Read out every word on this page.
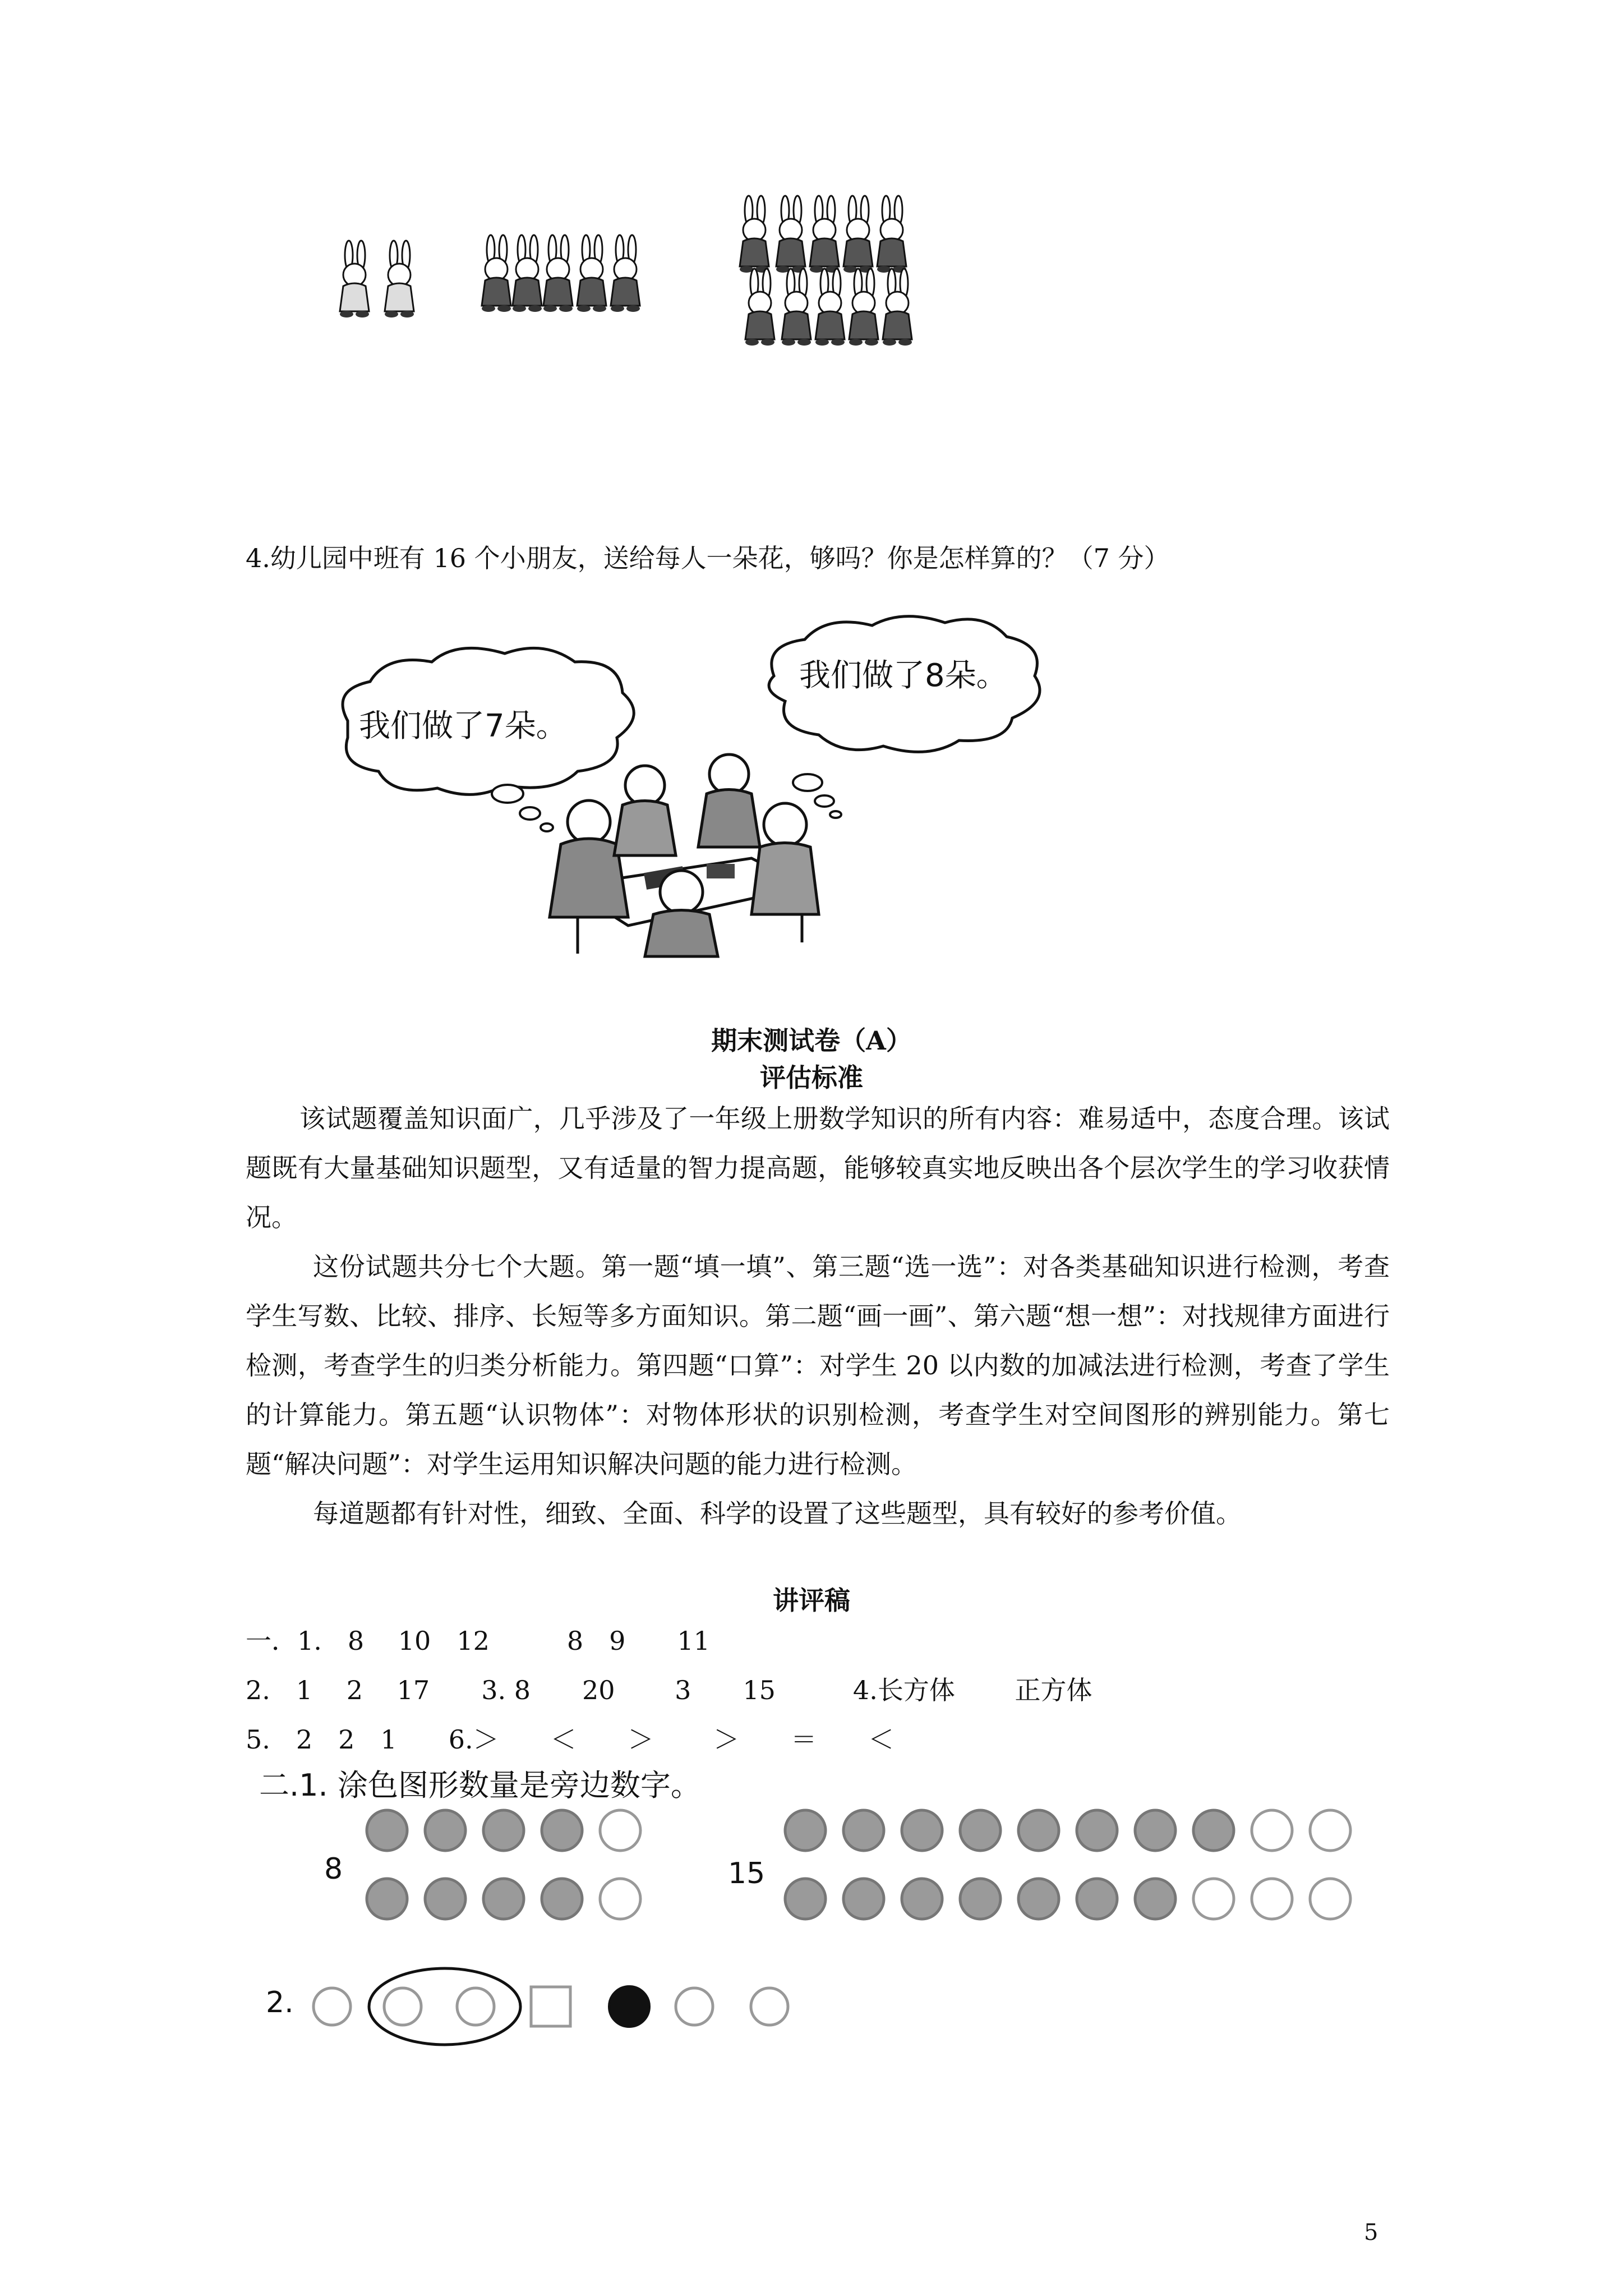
4.幼儿园中班有 16 个小朋友，送给每人一朵花，够吗？你是怎样算的？（7 分）
我们做了7朵。
我们做了8朵。
期末测试卷（A）
评估标准
该试题覆盖知识面广，几乎涉及了一年级上册数学知识的所有内容：难易适中，态度合理。该试题既有大量基础知识题型，又有适量的智力提高题，能够较真实地反映出各个层次学生的学习收获情况。
这份试题共分七个大题。第一题“填一填”、第三题“选一选”：对各类基础知识进行检测，考查学生写数、比较、排序、长短等多方面知识。第二题“画一画”、第六题“想一想”：对找规律方面进行检测，考查学生的归类分析能力。第四题“口算”：对学生 20 以内数的加减法进行检测，考查了学生的计算能力。第五题“认识物体”：对物体形状的识别检测，考查学生对空间图形的辨别能力。第七题“解决问题”：对学生运用知识解决问题的能力进行检测。
每道题都有针对性，细致、全面、科学的设置了这些题型，具有较好的参考价值。
讲评稿
一．1.　8　 10　12　　　8　9　　11
2.　1　 2　 17　　3. 8　　20　　 3　　15　　　4.长方体　　 正方体
5.　2　2　1　　6.＞　　＜　　＞　　 ＞　　＝　　＜
二.1. 涂色图形数量是旁边数字。
8	15
2.
5
